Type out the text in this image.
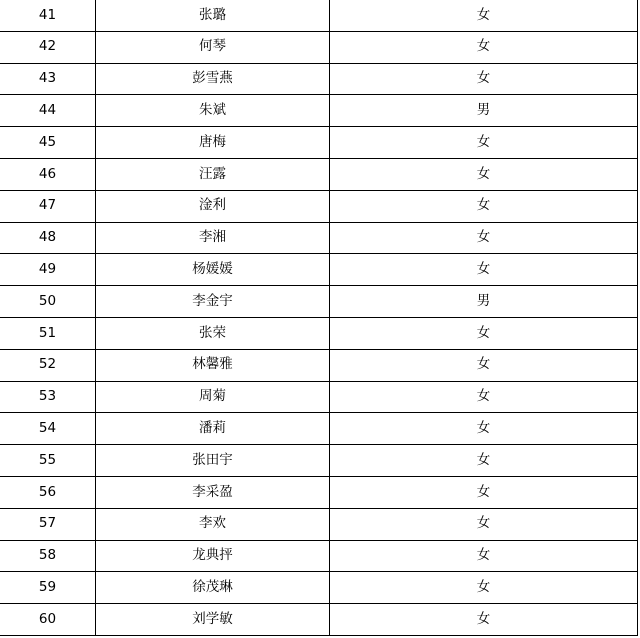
41	张璐	女
42	何琴	女
43	彭雪燕	女
44	朱斌	男
45	唐梅	女
46	汪露	女
47	淦利	女
48	李湘	女
49	杨媛媛	女
50	李金宇	男
51	张荣	女
52	林馨雅	女
53	周菊	女
54	潘莉	女
55	张田宇	女
56	李采盈	女
57	李欢	女
58	龙典抨	女
59	徐茂琳	女
60	刘学敏	女
